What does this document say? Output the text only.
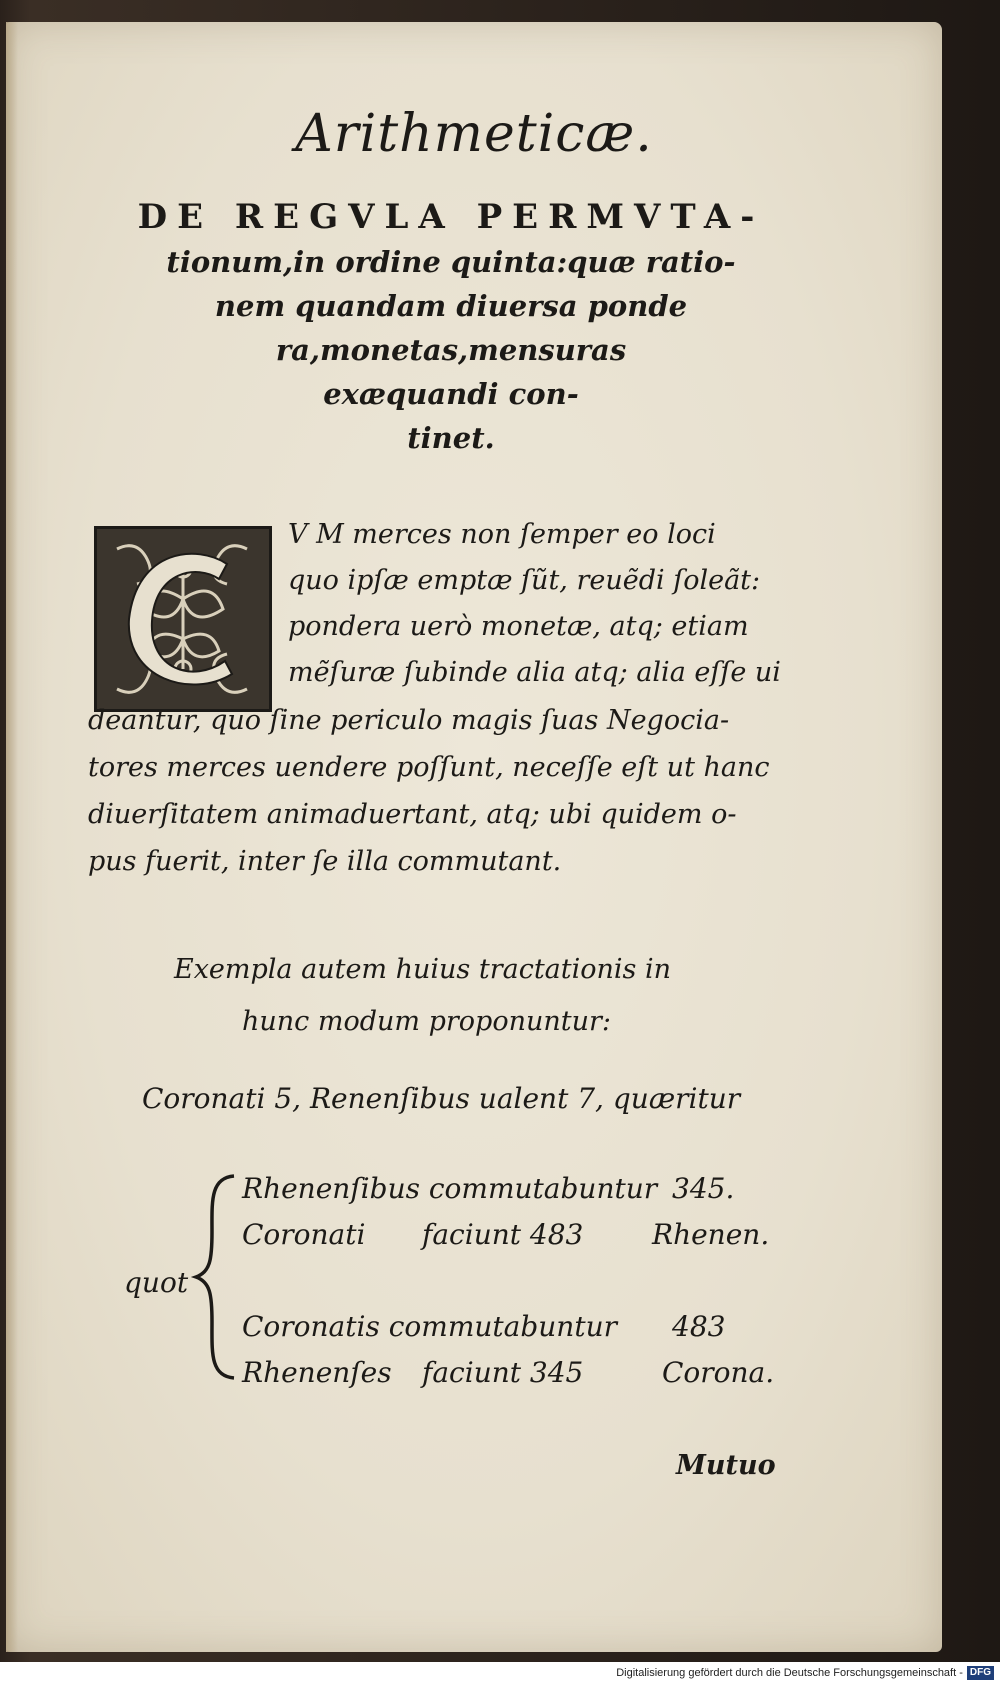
Arithmeticæ.
DE REGVLA PERMVTA-
tionum,in ordine quinta:quæ ratio-
nem quandam diuersa ponde
ra,monetas,mensuras
exæquandi con-
tinet.
V M merces non ſemper eo loci
quo ipſæ emptæ ſũt, reuẽdi ſoleãt:
pondera uerò monetæ, atq; etiam
mẽſuræ ſubinde alia atq; alia eſſe ui
deantur, quo ſine periculo magis ſuas Negocia-
tores merces uendere poſſunt, neceſſe eſt ut hanc
diuerſitatem animaduertant, atq; ubi quidem o-
pus fuerit, inter ſe illa commutant.
Exempla autem huius tractationis in
hunc modum proponuntur:
Coronati 5, Renenſibus ualent 7, quæritur
quot
Rhenenſibus commutabuntur 345.
Coronati faciunt 483 Rhenen.
Coronatis commutabuntur 483
Rhenenſes faciunt 345	Corona.
Mutuo
Digitalisierung gefördert durch die Deutsche Forschungsgemeinschaft - DFG
